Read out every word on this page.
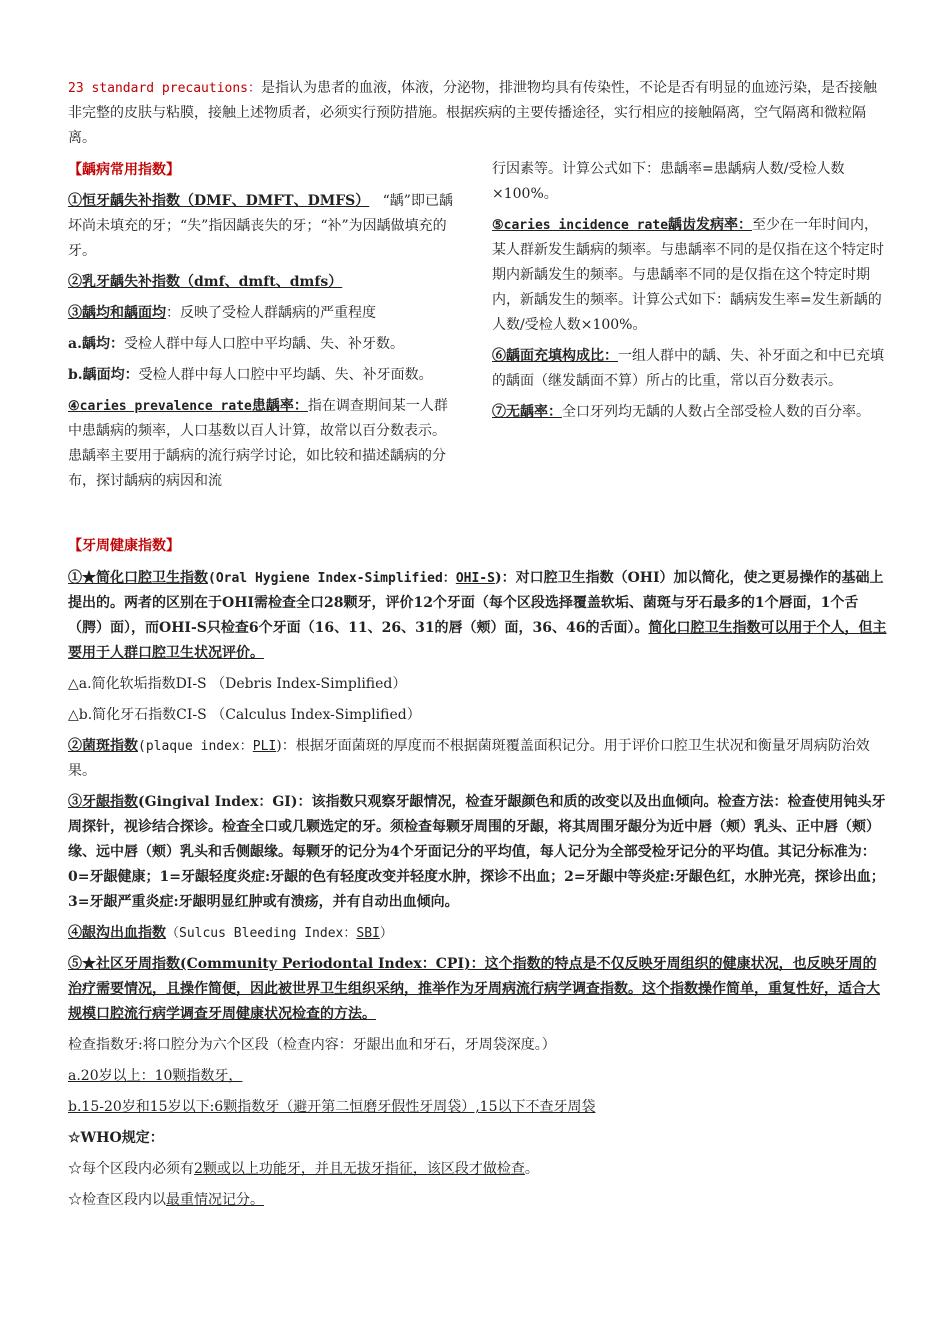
23 standard precautions：是指认为患者的血液，体液，分泌物，排泄物均具有传染性，不论是否有明显的血迹污染，是否接触非完整的皮肤与粘膜，接触上述物质者，必须实行预防措施。根据疾病的主要传播途径，实行相应的接触隔离，空气隔离和微粒隔离。

【龋病常用指数】

①恒牙龋失补指数（DMF、DMFT、DMFS） “龋”即已龋坏尚未填充的牙；“失”指因龋丧失的牙；“补”为因龋做填充的牙。

②乳牙龋失补指数（dmf、dmft、dmfs）

③龋均和龋面均：反映了受检人群龋病的严重程度

a.龋均：受检人群中每人口腔中平均龋、失、补牙数。

b.龋面均：受检人群中每人口腔中平均龋、失、补牙面数。

④caries prevalence rate患龋率：指在调查期间某一人群中患龋病的频率，人口基数以百人计算，故常以百分数表示。 患龋率主要用于龋病的流行病学讨论，如比较和描述龋病的分布，探讨龋病的病因和流

行因素等。计算公式如下：患龋率=患龋病人数/受检人数×100%。

⑤caries incidence rate龋齿发病率：至少在一年时间内，某人群新发生龋病的频率。与患龋率不同的是仅指在这个特定时期内新龋发生的频率。与患龋率不同的是仅指在这个特定时期内，新龋发生的频率。计算公式如下：龋病发生率=发生新龋的人数/受检人数×100%。

⑥龋面充填构成比：一组人群中的龋、失、补牙面之和中已充填的龋面（继发龋面不算）所占的比重，常以百分数表示。

⑦无龋率：全口牙列均无龋的人数占全部受检人数的百分率。

【牙周健康指数】

①★简化口腔卫生指数(Oral Hygiene Index-Simplified：OHI-S)：对口腔卫生指数（OHI）加以简化，使之更易操作的基础上提出的。两者的区别在于OHI需检查全口28颗牙，评价12个牙面（每个区段选择覆盖软垢、菌斑与牙石最多的1个唇面，1个舌（腭）面），而OHI-S只检查6个牙面（16、11、26、31的唇（颊）面，36、46的舌面）。简化口腔卫生指数可以用于个人，但主要用于人群口腔卫生状况评价。

△a.简化软垢指数DI-S （Debris Index-Simplified）

△b.简化牙石指数CI-S （Calculus Index-Simplified）

②菌斑指数(plaque index：PLI)：根据牙面菌斑的厚度而不根据菌斑覆盖面积记分。用于评价口腔卫生状况和衡量牙周病防治效果。

③牙龈指数(Gingival Index：GI)：该指数只观察牙龈情况，检查牙龈颜色和质的改变以及出血倾向。检查方法：检查使用钝头牙周探针，视诊结合探诊。检查全口或几颗选定的牙。须检查每颗牙周围的牙龈，将其周围牙龈分为近中唇（颊）乳头、正中唇（颊）缘、远中唇（颊）乳头和舌侧龈缘。每颗牙的记分为4个牙面记分的平均值，每人记分为全部受检牙记分的平均值。其记分标准为：0=牙龈健康；1=牙龈轻度炎症:牙龈的色有轻度改变并轻度水肿，探诊不出血；2=牙龈中等炎症:牙龈色红，水肿光亮，探诊出血； 3=牙龈严重炎症:牙龈明显红肿或有溃疡，并有自动出血倾向。

④龈沟出血指数（Sulcus Bleeding Index：SBI）

⑤★社区牙周指数(Community Periodontal Index：CPI)：这个指数的特点是不仅反映牙周组织的健康状况，也反映牙周的治疗需要情况，且操作简便，因此被世界卫生组织采纳，推举作为牙周病流行病学调查指数。这个指数操作简单，重复性好，适合大规模口腔流行病学调查牙周健康状况检查的方法。

检查指数牙:将口腔分为六个区段（检查内容：牙龈出血和牙石，牙周袋深度。）

a.20岁以上：10颗指数牙，

b.15-20岁和15岁以下:6颗指数牙（避开第二恒磨牙假性牙周袋）,15以下不查牙周袋

☆WHO规定：

☆每个区段内必须有2颗或以上功能牙，并且无拔牙指征，该区段才做检查。

☆检查区段内以最重情况记分。
